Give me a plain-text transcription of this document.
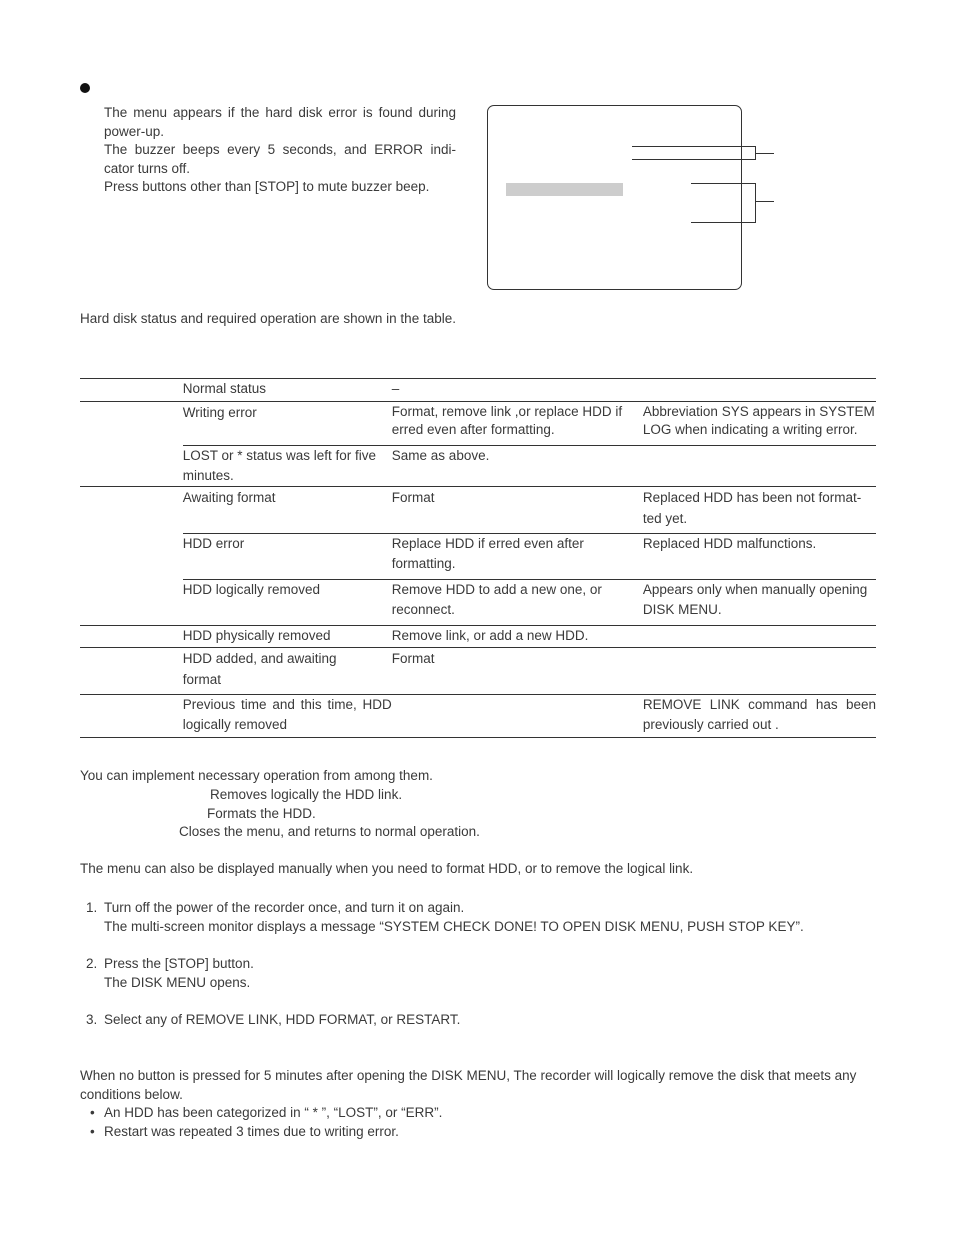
The menu appears if the hard disk error is found during

power-up.

The buzzer beeps every 5 seconds, and ERROR indi-

cator turns off.

Press buttons other than [STOP] to mute buzzer beep.

Hard disk status and required operation are shown in the table.
	Normal status	–	
	Writing error	Format, remove link ,or replace HDD if erred even after formatting.	Abbreviation SYS appears in SYSTEM LOG when indicating a writing error.
	LOST or * status was left for five minutes.	Same as above.	
	Awaiting format	Format	Replaced HDD has been not format-ted yet.
	HDD error	Replace HDD if erred even after formatting.	Replaced HDD malfunctions.
	HDD logically removed	Remove HDD to add a new one, or reconnect.	Appears only when manually opening DISK MENU.
	HDD physically removed	Remove link, or add a new HDD.	
	HDD added, and awaiting format	Format	
	Previous time and this time, HDD logically removed		REMOVE LINK command has been previously carried out .
You can implement necessary operation from among them.
Removes logically the HDD link.
Formats the HDD.
Closes the menu, and returns to normal operation.
The menu can also be displayed manually when you need to format HDD, or to remove the logical link.
1. Turn off the power of the recorder once, and turn it on again.
The multi-screen monitor displays a message “SYSTEM CHECK DONE! TO OPEN DISK MENU, PUSH STOP KEY”.
2. Press the [STOP] button.
The DISK MENU opens.
3. Select any of REMOVE LINK, HDD FORMAT, or RESTART.
When no button is pressed for 5 minutes after opening the DISK MENU, The recorder will logically remove the disk that meets any conditions below.
• An HDD has been categorized in “ * ”, “LOST”, or “ERR”.
• Restart was repeated 3 times due to writing error.
